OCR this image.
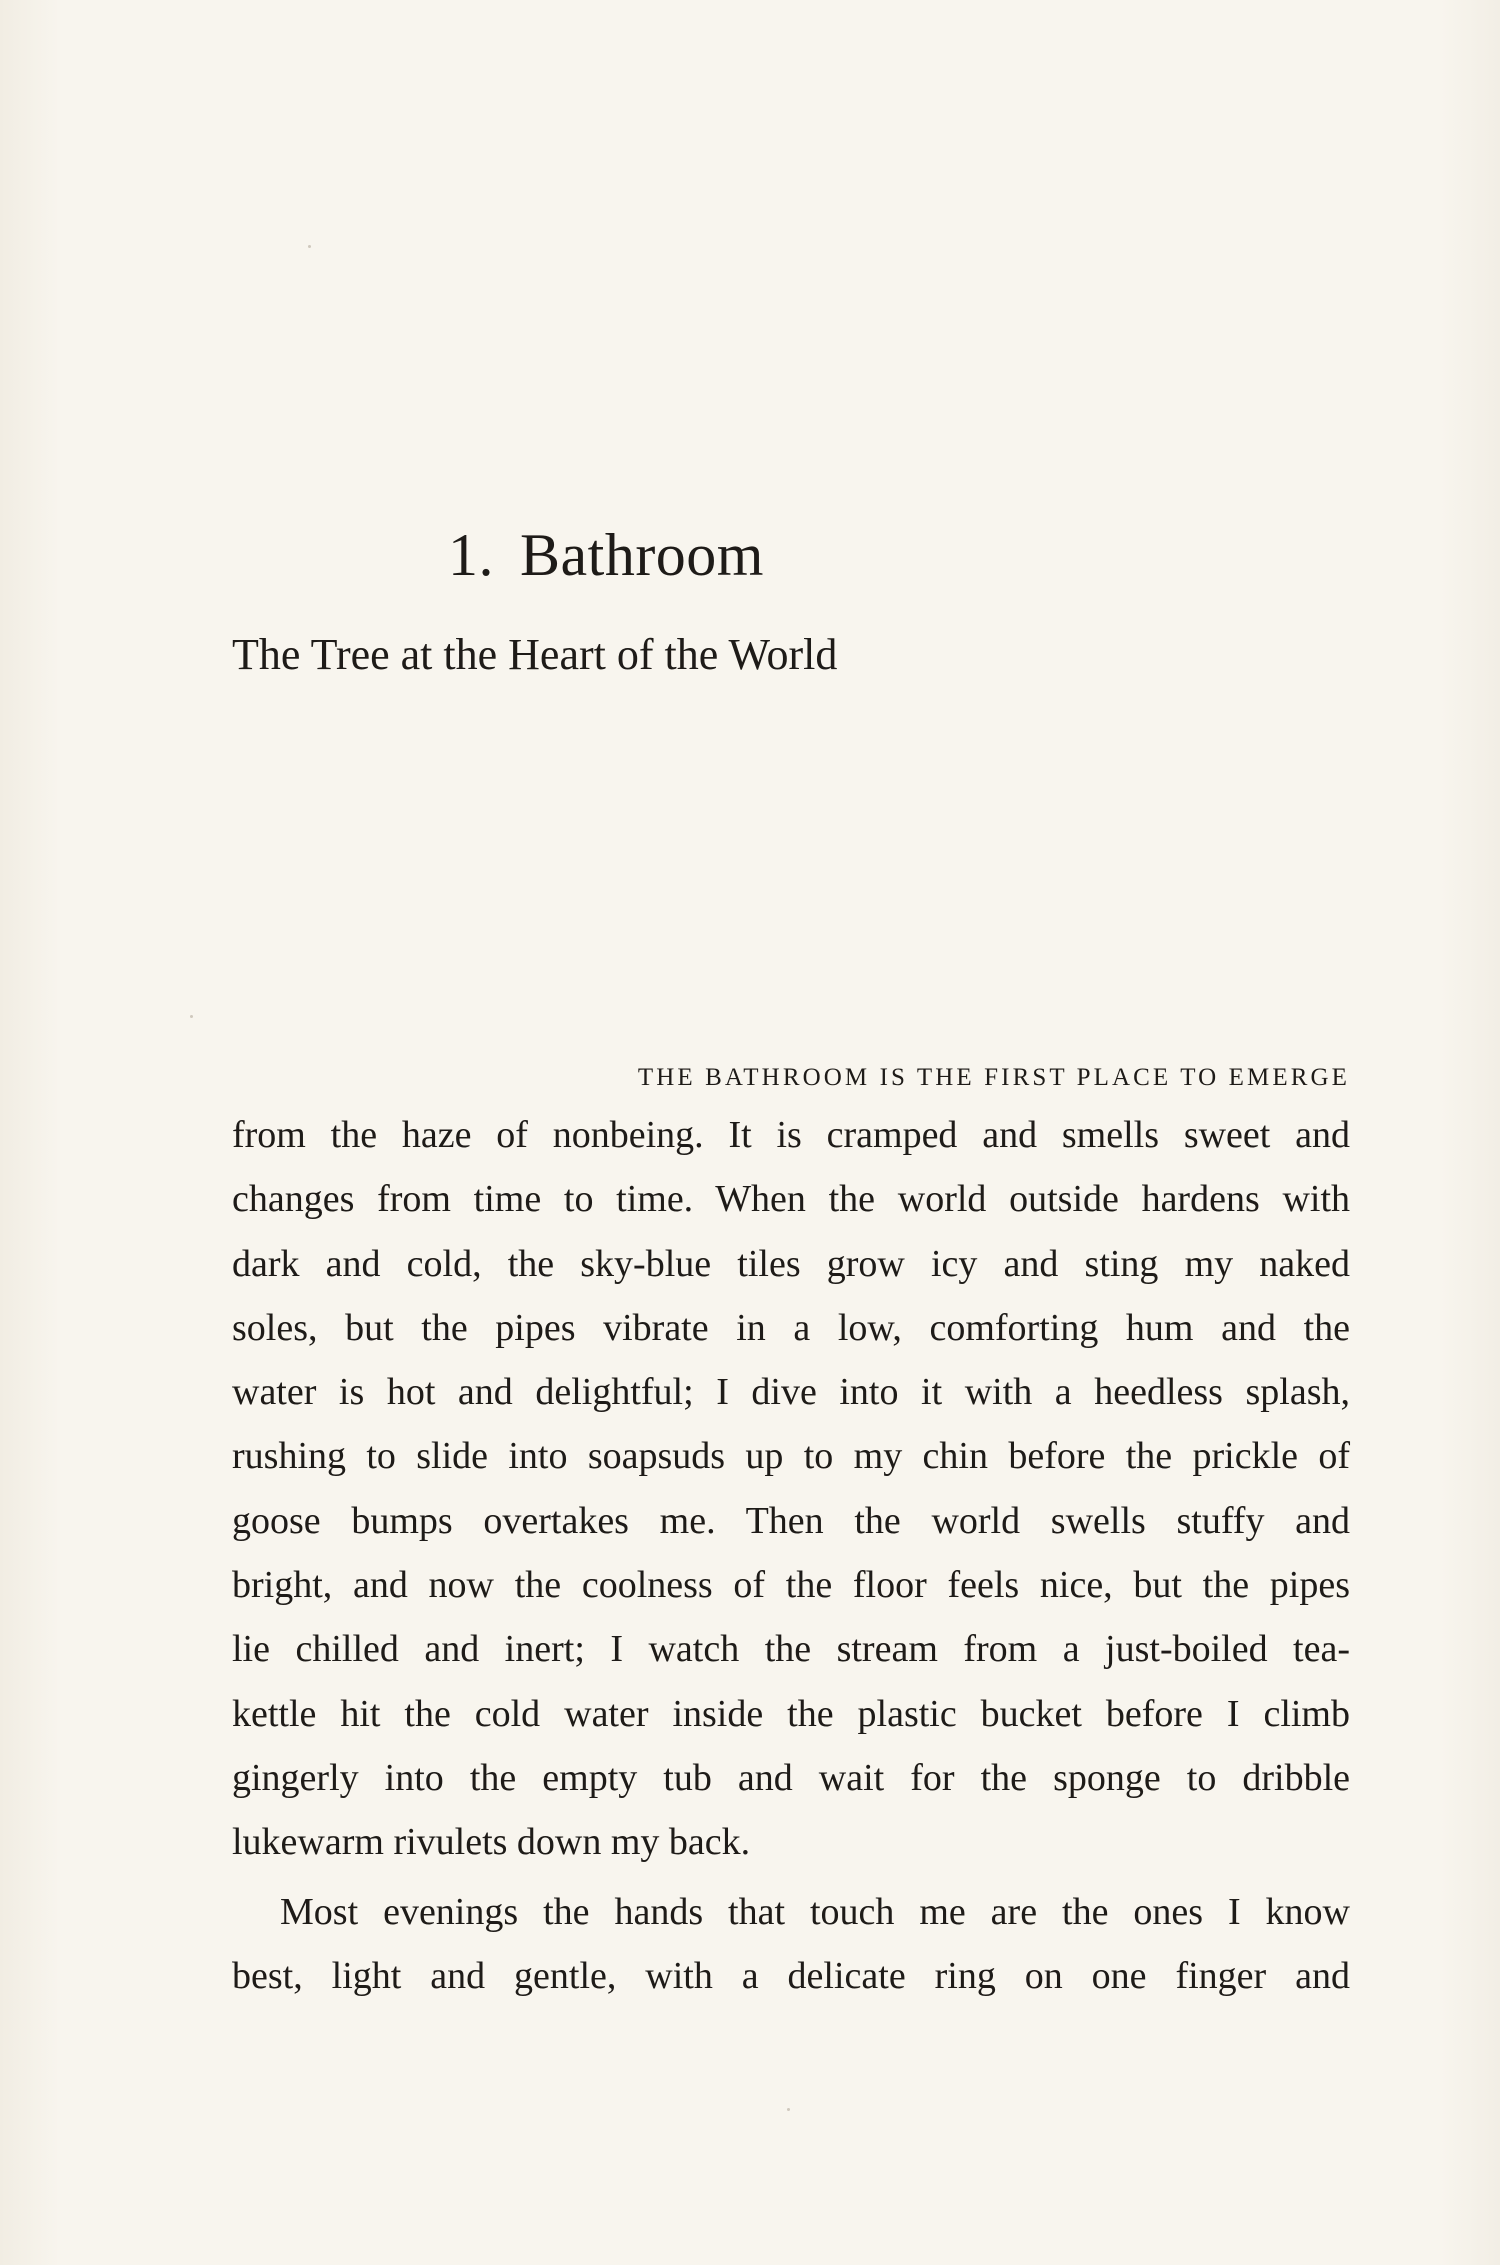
1. Bathroom
The Tree at the Heart of the World
THE BATHROOM IS THE FIRST PLACE TO EMERGE
from the haze of nonbeing. It is cramped and smells sweet and
changes from time to time. When the world outside hardens with
dark and cold, the sky-blue tiles grow icy and sting my naked
soles, but the pipes vibrate in a low, comforting hum and the
water is hot and delightful; I dive into it with a heedless splash,
rushing to slide into soapsuds up to my chin before the prickle of
goose bumps overtakes me. Then the world swells stuffy and
bright, and now the coolness of the floor feels nice, but the pipes
lie chilled and inert; I watch the stream from a just-boiled tea-
kettle hit the cold water inside the plastic bucket before I climb
gingerly into the empty tub and wait for the sponge to dribble
lukewarm rivulets down my back.
Most evenings the hands that touch me are the ones I know
best, light and gentle, with a delicate ring on one finger and
